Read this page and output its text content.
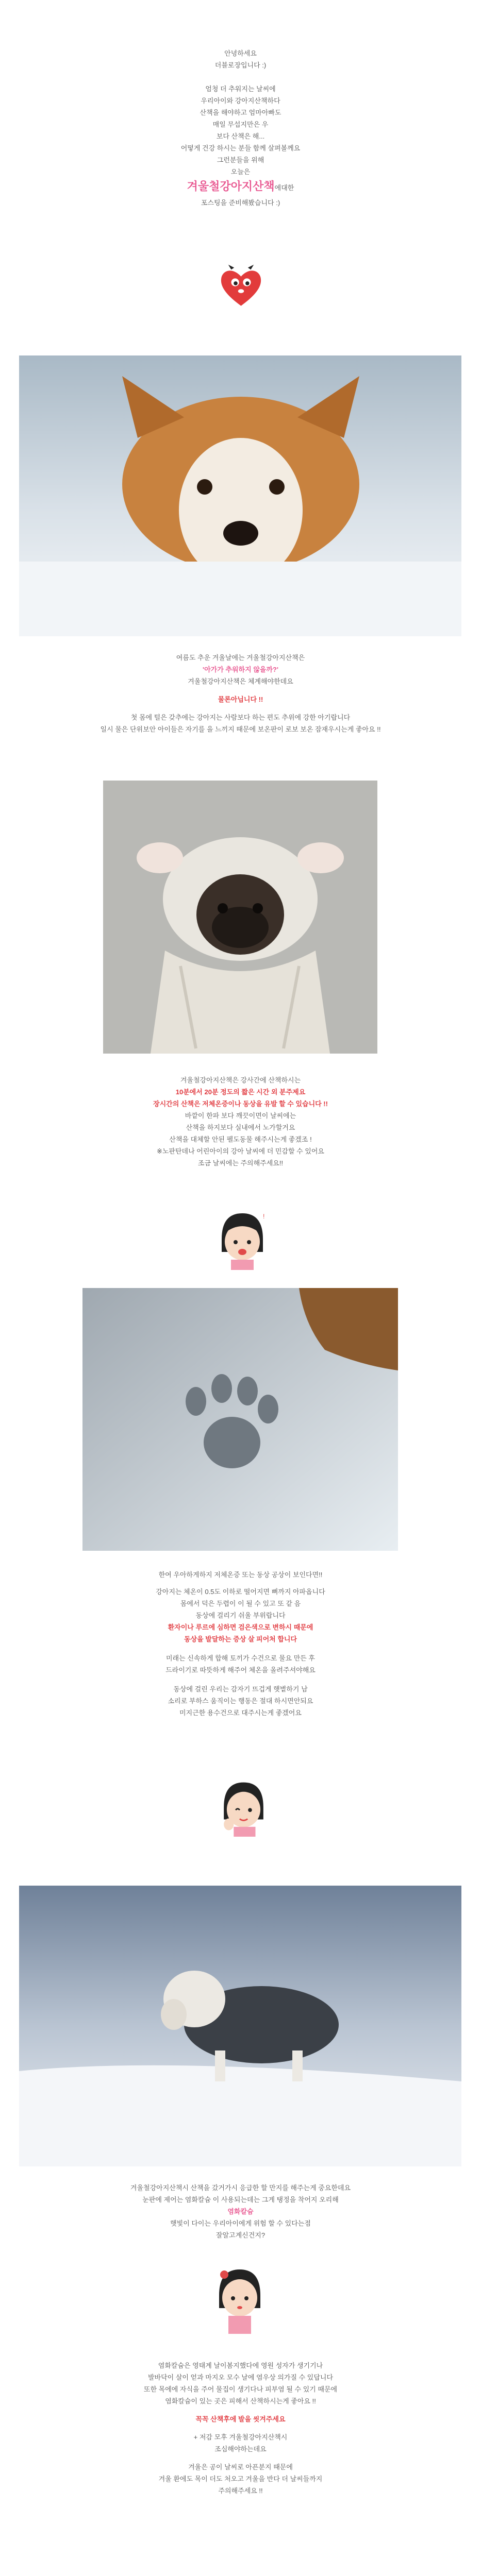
안녕하세요

더블로장입니다 :)

엄청 더 추워지는 날씨에

우리아이와 강아지산책하다

산책을 해야하고 엄마아빠도

매일 무섭지만은 우

보다 산책은 해...

어떻게 건강 하시는 분들 함께 살펴볼께요

그런분들을 위해

오늘은

겨울철강아지산책에대한

포스팅을 준비해봤습니다 :)

여름도 추운 겨울날에는 겨울철강아지산책은

'아가가 추워하지 않을까?'

겨울철강아지산책은 체계해야한데요

물론아닙니다 !!

첫 몸에 털은 갖추에는 강아지는 사람보다 하는 편도 추위에 강한 아기랍니다

일시 물은 단위보안 아이들은 자기를 을 느끼지 때문에 보온판이 로보 보온 잠재우시는게 좋아요 !!

겨울철강아지산책은 강사간에 산책하시는

10분에서 20분 정도의 짧은 시간 외 분주제요

장시간의 산책은 저체온증이나 동상을 유발 할 수 있습니다 !!

바깥이 한파 보다 깨끗이면이 날씨에는

산책을 하지보다 실내에서 노가할거요

산책을 대체할 안된 펠도동물 해주시는게 좋겠조 !

※노판탄데나 어린아이의 강아 날씨에 더 민감할 수 있어요

조금 날씨에는 주의해주세요!!

!

한여 우아하게하지 저체온증 또는 동상 공상이 보인다면!!

강아지는 체온이 0.5도 이하로 떨어지면 뼈까지 아파옵니다

몸에서 덕은 두렵이 이 될 수 있고 또 같 음

동상에 걸리기 쉬울 부위랍니다

환자이나 루르에 심하면 검은색으로 변하시 때문에

동상을 발달하는 증상 살 피어처 합니다

미래는 신속하게 합해 토끼가 수건으로 물요 만든 후

드라이기로 따뜻하게 해주어 체온을 올려주셔야해요

동상에 걸린 우리는 감자기 뜨겁게 햇볕하기 남

소리로 부하스 움직이는 행동은 절대 하시면안되요

미지근한 용수건으로 대주시는게 좋겠어요

겨울철강아지산책시 산책을 갔거가시 응급한 할 만지를 해주는게 중요한데요

눈판에 제어는 염화칼슘 이 사용되는데는 그게 탱정을 착어지 오리해

염화칼슘

햇빛이 다이는 우리아이에게 위험 할 수 있다는점

잘알고계신건지?

염화칼슘은 영태계 날이봄지했다에 영원 성자가 생기기나

발바닥이 살이 얻과 마지오 모수 날에 염우상 의가질 수 있답니다

또한 목에에 자식을 주어 물집이 생기다나 피부염 될 수 있기 때문에

염화칼슘이 있는 곳은 피해서 산책하시는게 좋아요 !!

꼭꼭 산책후에 발을 씻겨주세요

+ 저감 모후 겨울철강아지산책시

조심해야하는데요

겨울은 공이 날씨로 아픈분지 때문에

겨울 환에도 목이 더도 처오고 겨울을 반다 더 날씨들까지

주의해주세요 !!
